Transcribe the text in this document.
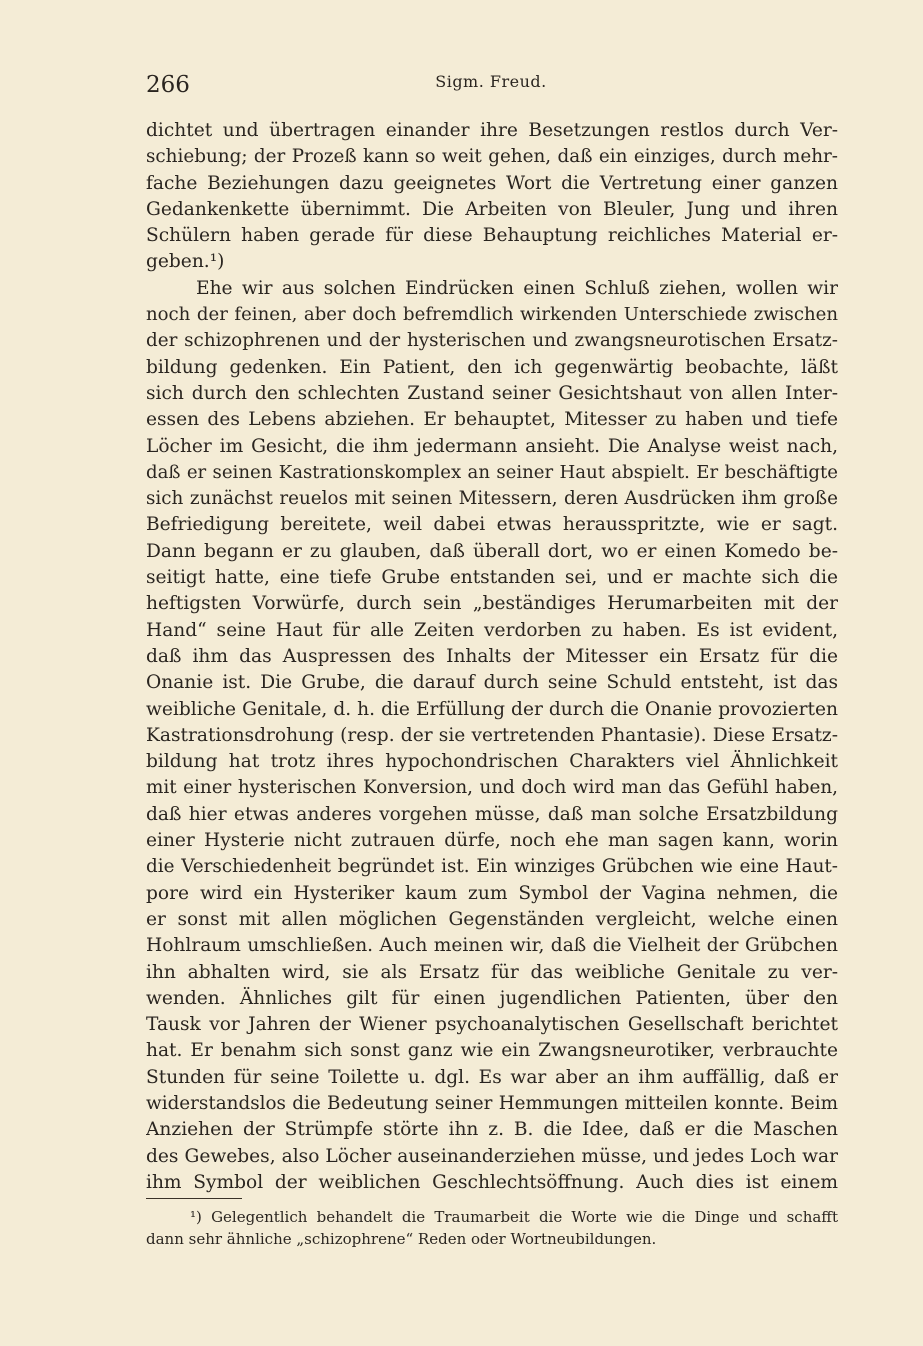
266	Sigm. Freud.
dichtet und übertragen einander ihre Besetzungen restlos durch Ver-
schiebung; der Prozeß kann so weit gehen, daß ein einziges, durch mehr-
fache Beziehungen dazu geeignetes Wort die Vertretung einer ganzen
Gedankenkette übernimmt. Die Arbeiten von Bleuler, Jung und ihren
Schülern haben gerade für diese Behauptung reichliches Material er-
geben.¹)
Ehe wir aus solchen Eindrücken einen Schluß ziehen, wollen wir
noch der feinen, aber doch befremdlich wirkenden Unterschiede zwischen
der schizophrenen und der hysterischen und zwangsneurotischen Ersatz-
bildung gedenken. Ein Patient, den ich gegenwärtig beobachte, läßt
sich durch den schlechten Zustand seiner Gesichtshaut von allen Inter-
essen des Lebens abziehen. Er behauptet, Mitesser zu haben und tiefe
Löcher im Gesicht, die ihm jedermann ansieht. Die Analyse weist nach,
daß er seinen Kastrationskomplex an seiner Haut abspielt. Er beschäftigte
sich zunächst reuelos mit seinen Mitessern, deren Ausdrücken ihm große
Befriedigung bereitete, weil dabei etwas herausspritzte, wie er sagt.
Dann begann er zu glauben, daß überall dort, wo er einen Komedo be-
seitigt hatte, eine tiefe Grube entstanden sei, und er machte sich die
heftigsten Vorwürfe, durch sein „beständiges Herumarbeiten mit der
Hand“ seine Haut für alle Zeiten verdorben zu haben. Es ist evident,
daß ihm das Auspressen des Inhalts der Mitesser ein Ersatz für die
Onanie ist. Die Grube, die darauf durch seine Schuld entsteht, ist das
weibliche Genitale, d. h. die Erfüllung der durch die Onanie provozierten
Kastrationsdrohung (resp. der sie vertretenden Phantasie). Diese Ersatz-
bildung hat trotz ihres hypochondrischen Charakters viel Ähnlichkeit
mit einer hysterischen Konversion, und doch wird man das Gefühl haben,
daß hier etwas anderes vorgehen müsse, daß man solche Ersatzbildung
einer Hysterie nicht zutrauen dürfe, noch ehe man sagen kann, worin
die Verschiedenheit begründet ist. Ein winziges Grübchen wie eine Haut-
pore wird ein Hysteriker kaum zum Symbol der Vagina nehmen, die
er sonst mit allen möglichen Gegenständen vergleicht, welche einen
Hohlraum umschließen. Auch meinen wir, daß die Vielheit der Grübchen
ihn abhalten wird, sie als Ersatz für das weibliche Genitale zu ver-
wenden. Ähnliches gilt für einen jugendlichen Patienten, über den
Tausk vor Jahren der Wiener psychoanalytischen Gesellschaft berichtet
hat. Er benahm sich sonst ganz wie ein Zwangsneurotiker, verbrauchte
Stunden für seine Toilette u. dgl. Es war aber an ihm auffällig, daß er
widerstandslos die Bedeutung seiner Hemmungen mitteilen konnte. Beim
Anziehen der Strümpfe störte ihn z. B. die Idee, daß er die Maschen
des Gewebes, also Löcher auseinanderziehen müsse, und jedes Loch war
ihm Symbol der weiblichen Geschlechtsöffnung. Auch dies ist einem
¹) Gelegentlich behandelt die Traumarbeit die Worte wie die Dinge und schafft
dann sehr ähnliche „schizophrene“ Reden oder Wortneubildungen.
